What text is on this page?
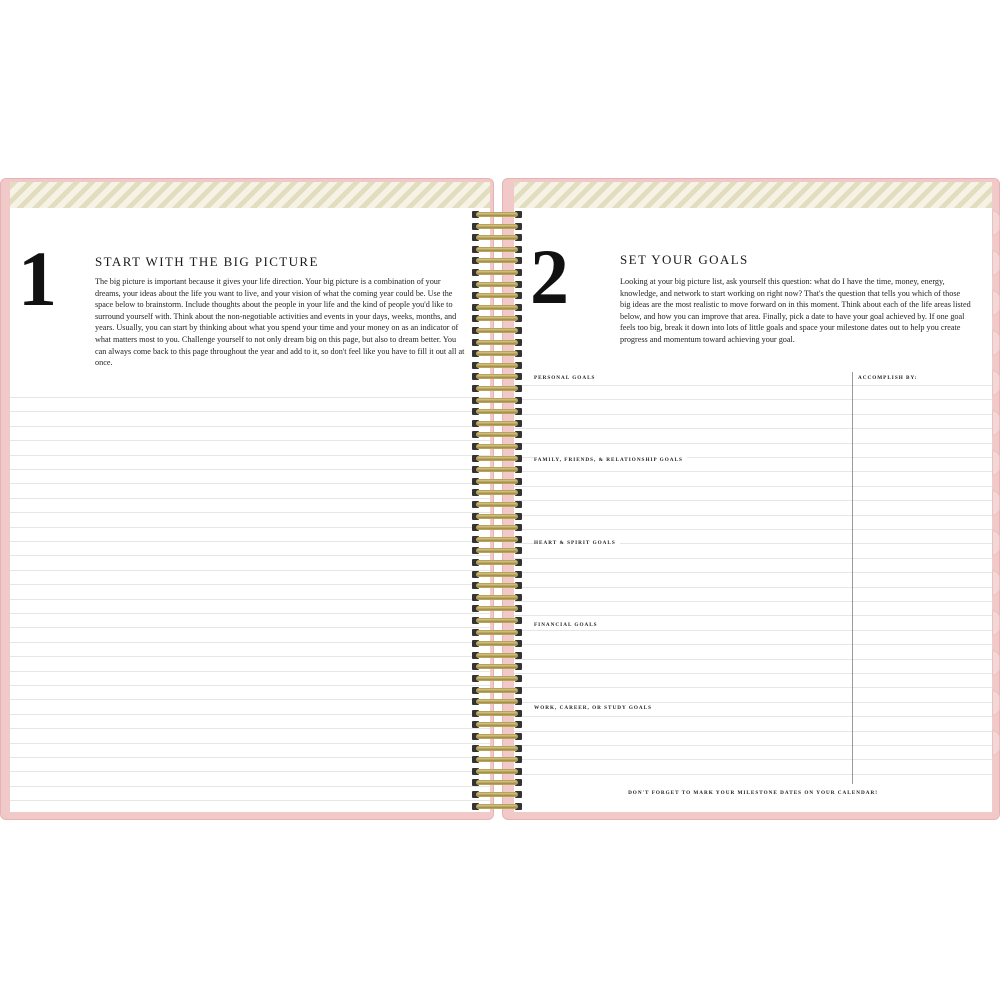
1	START WITH THE BIG PICTURE

The big picture is important because it gives your life direction. Your big picture is a combination of your dreams, your ideas about the life you want to live, and your vision of what the coming year could be. Use the space below to brainstorm. Include thoughts about the people in your life and the kind of people you'd like to surround yourself with. Think about the non-negotiable activities and events in your days, weeks, months, and years. Usually, you can start by thinking about what you spend your time and your money on as an indicator of what matters most to you. Challenge yourself to not only dream big on this page, but also to dream better. You can always come back to this page throughout the year and add to it, so don't feel like you have to fill it out all at once.

ACCOMPLISH BY:
2	SET YOUR GOALS

Looking at your big picture list, ask yourself this question: what do I have the time, money, energy, knowledge, and network to start working on right now? That's the question that tells you which of those big ideas are the most realistic to move forward on in this moment. Think about each of the life areas listed below, and how you can improve that area. Finally, pick a date to have your goal achieved by. If one goal feels too big, break it down into lots of little goals and space your milestone dates out to help you create progress and momentum toward achieving your goal.

PERSONAL GOALS
FAMILY, FRIENDS, & RELATIONSHIP GOALS
HEART & SPIRIT GOALS
FINANCIAL GOALS
WORK, CAREER, OR STUDY GOALS
DON'T FORGET TO MARK YOUR MILESTONE DATES ON YOUR CALENDAR!
